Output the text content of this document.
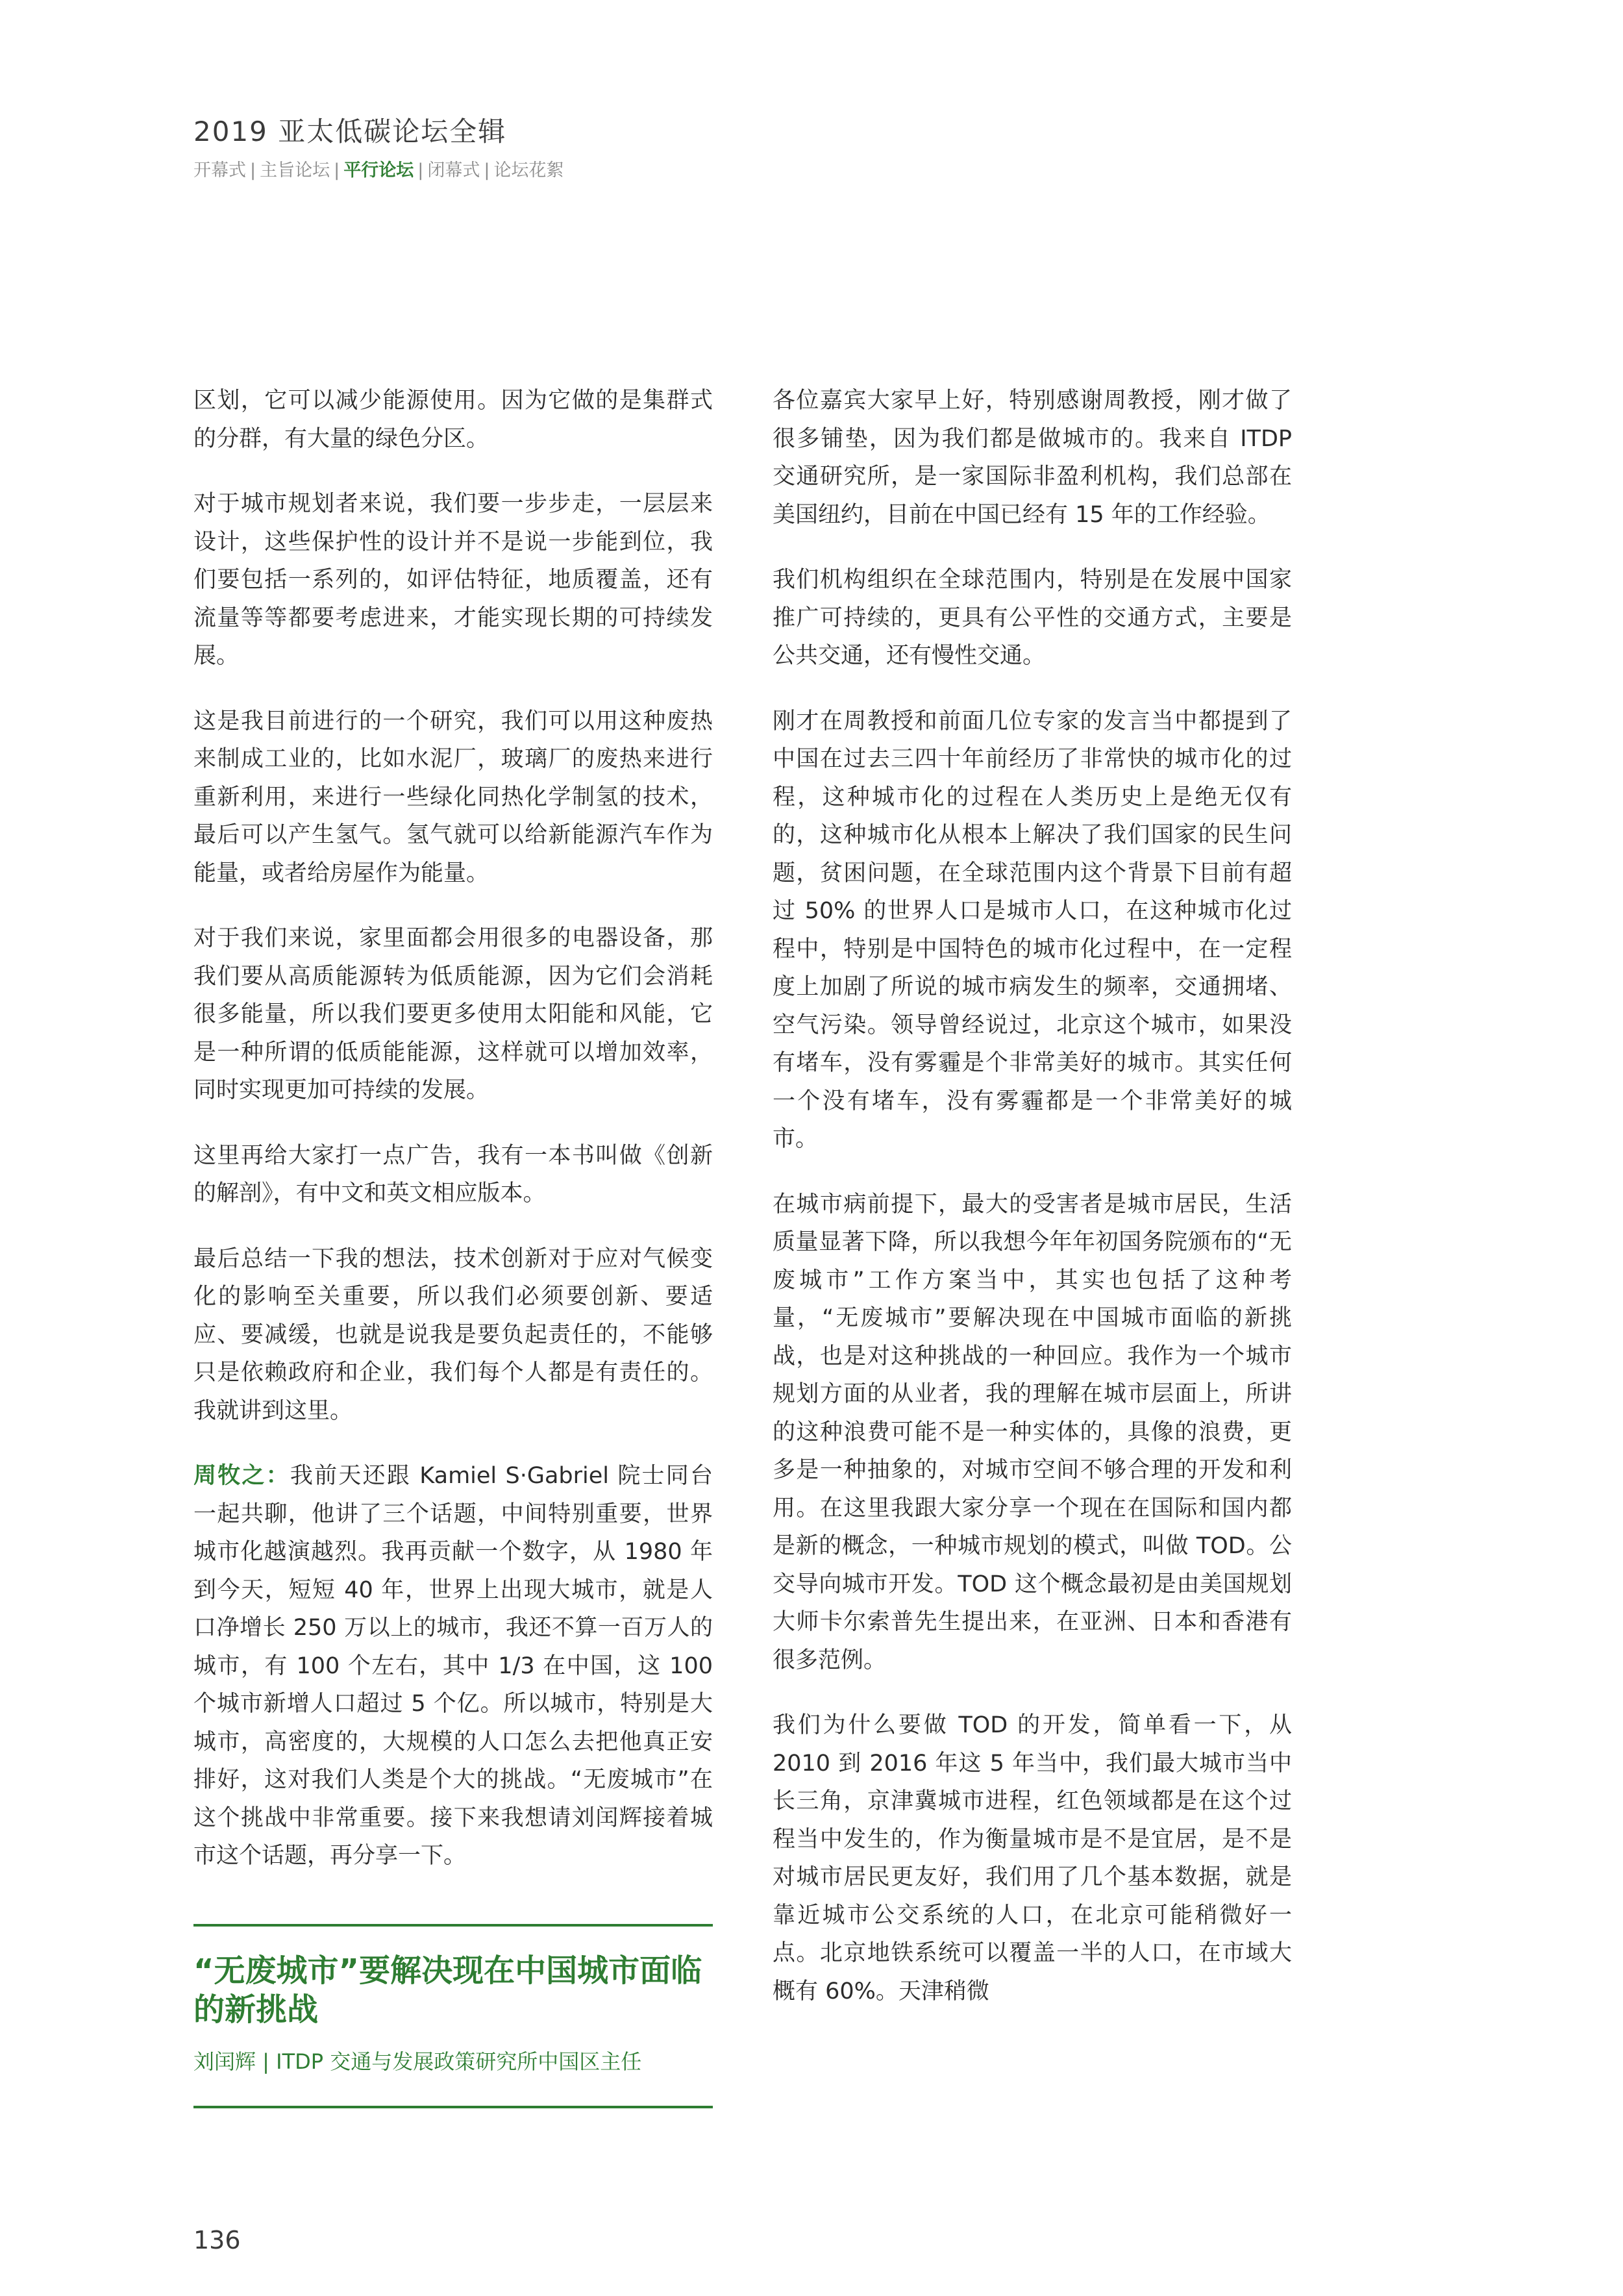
2019 亚太低碳论坛全辑
开幕式 | 主旨论坛 | 平行论坛 | 闭幕式 | 论坛花絮

区划，它可以减少能源使用。因为它做的是集群式的分群，有大量的绿色分区。

对于城市规划者来说，我们要一步步走，一层层来设计，这些保护性的设计并不是说一步能到位，我们要包括一系列的，如评估特征，地质覆盖，还有流量等等都要考虑进来，才能实现长期的可持续发展。

这是我目前进行的一个研究，我们可以用这种废热来制成工业的，比如水泥厂，玻璃厂的废热来进行重新利用，来进行一些绿化同热化学制氢的技术，最后可以产生氢气。氢气就可以给新能源汽车作为能量，或者给房屋作为能量。

对于我们来说，家里面都会用很多的电器设备，那我们要从高质能源转为低质能源，因为它们会消耗很多能量，所以我们要更多使用太阳能和风能，它是一种所谓的低质能能源，这样就可以增加效率，同时实现更加可持续的发展。

这里再给大家打一点广告，我有一本书叫做《创新的解剖》，有中文和英文相应版本。

最后总结一下我的想法，技术创新对于应对气候变化的影响至关重要，所以我们必须要创新、要适应、要减缓，也就是说我是要负起责任的，不能够只是依赖政府和企业，我们每个人都是有责任的。我就讲到这里。

周牧之：我前天还跟 Kamiel S·Gabriel 院士同台一起共聊，他讲了三个话题，中间特别重要，世界城市化越演越烈。我再贡献一个数字，从 1980 年到今天，短短 40 年，世界上出现大城市，就是人口净增长 250 万以上的城市，我还不算一百万人的城市，有 100 个左右，其中 1/3 在中国，这 100 个城市新增人口超过 5 个亿。所以城市，特别是大城市，高密度的，大规模的人口怎么去把他真正安排好，这对我们人类是个大的挑战。“无废城市”在这个挑战中非常重要。接下来我想请刘闰辉接着城市这个话题，再分享一下。

“无废城市”要解决现在中国城市面临的新挑战
刘闰辉 | ITDP 交通与发展政策研究所中国区主任

各位嘉宾大家早上好，特别感谢周教授，刚才做了很多铺垫，因为我们都是做城市的。我来自 ITDP 交通研究所，是一家国际非盈利机构，我们总部在美国纽约，目前在中国已经有 15 年的工作经验。

我们机构组织在全球范围内，特别是在发展中国家推广可持续的，更具有公平性的交通方式，主要是公共交通，还有慢性交通。

刚才在周教授和前面几位专家的发言当中都提到了中国在过去三四十年前经历了非常快的城市化的过程，这种城市化的过程在人类历史上是绝无仅有的，这种城市化从根本上解决了我们国家的民生问题，贫困问题，在全球范围内这个背景下目前有超过 50% 的世界人口是城市人口，在这种城市化过程中，特别是中国特色的城市化过程中，在一定程度上加剧了所说的城市病发生的频率，交通拥堵、空气污染。领导曾经说过，北京这个城市，如果没有堵车，没有雾霾是个非常美好的城市。其实任何一个没有堵车，没有雾霾都是一个非常美好的城市。

在城市病前提下，最大的受害者是城市居民，生活质量显著下降，所以我想今年年初国务院颁布的“无废城市”工作方案当中，其实也包括了这种考量，“无废城市”要解决现在中国城市面临的新挑战，也是对这种挑战的一种回应。我作为一个城市规划方面的从业者，我的理解在城市层面上，所讲的这种浪费可能不是一种实体的，具像的浪费，更多是一种抽象的，对城市空间不够合理的开发和利用。在这里我跟大家分享一个现在在国际和国内都是新的概念，一种城市规划的模式，叫做 TOD。公交导向城市开发。TOD 这个概念最初是由美国规划大师卡尔索普先生提出来，在亚洲、日本和香港有很多范例。

我们为什么要做 TOD 的开发，简单看一下，从 2010 到 2016 年这 5 年当中，我们最大城市当中长三角，京津冀城市进程，红色领域都是在这个过程当中发生的，作为衡量城市是不是宜居，是不是对城市居民更友好，我们用了几个基本数据，就是靠近城市公交系统的人口，在北京可能稍微好一点。北京地铁系统可以覆盖一半的人口，在市域大概有 60%。天津稍微

136
